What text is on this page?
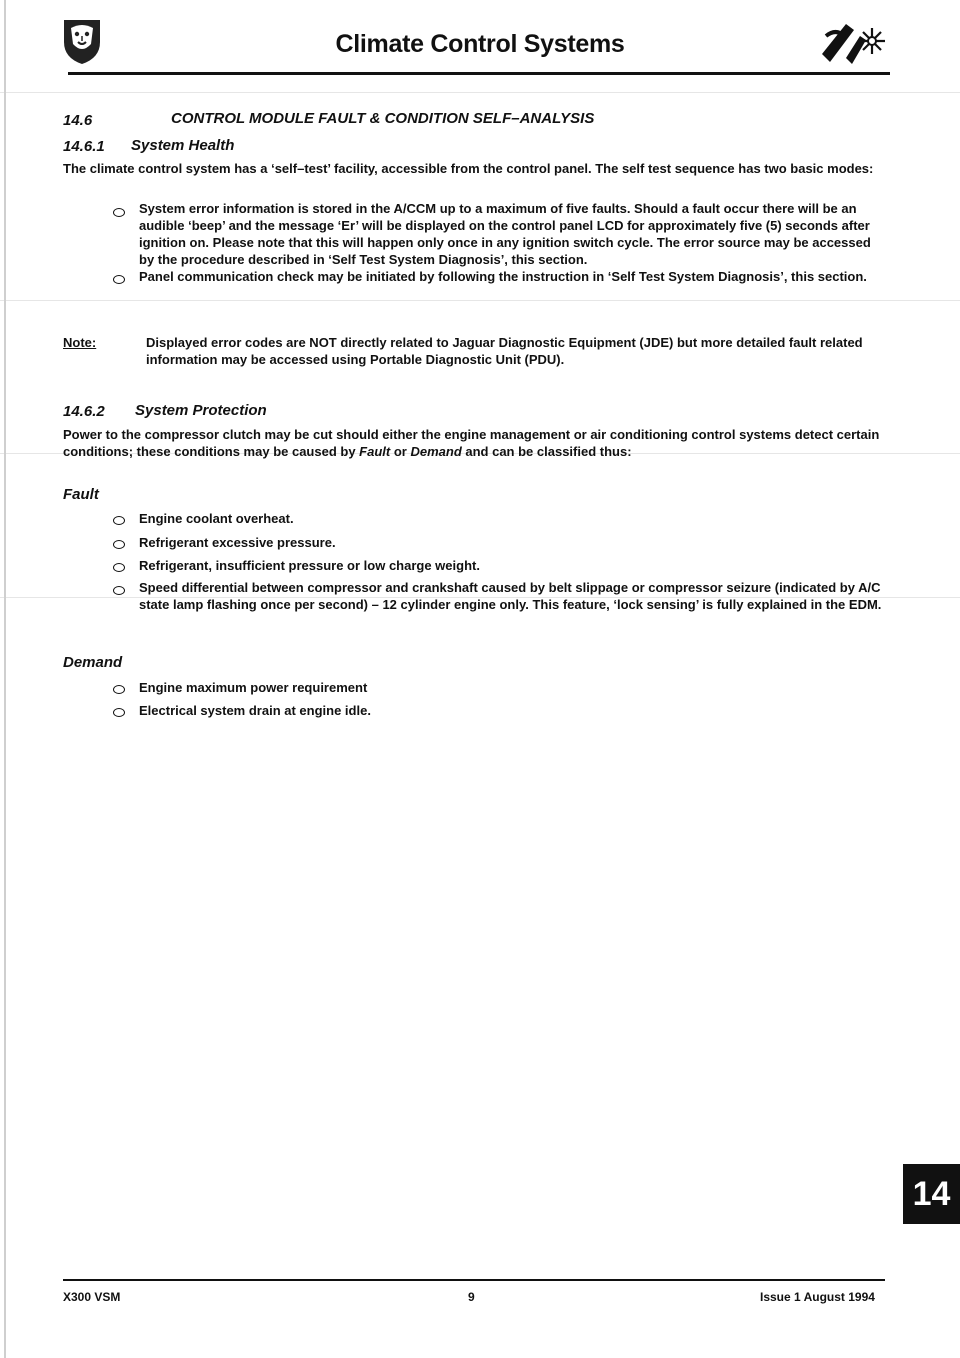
Climate Control Systems
14.6	CONTROL MODULE FAULT & CONDITION SELF–ANALYSIS
14.6.1 System Health
The climate control system has a ‘self–test’ facility, accessible from the control panel. The self test sequence has two basic modes:
System error information is stored in the A/CCM up to a maximum of five faults. Should a fault occur there will be an audible ‘beep’ and the message ‘Er’ will be displayed on the control panel LCD for approximately five (5) seconds after ignition on. Please note that this will happen only once in any ignition switch cycle. The error source may be accessed by the procedure described in ‘Self Test System Diagnosis’, this section.
Panel communication check may be initiated by following the instruction in ‘Self Test System Diagnosis’, this section.
Note:	Displayed error codes are NOT directly related to Jaguar Diagnostic Equipment (JDE) but more detailed fault related information may be accessed using Portable Diagnostic Unit (PDU).
14.6.2 System Protection
Power to the compressor clutch may be cut should either the engine management or air conditioning control systems detect certain conditions; these conditions may be caused by Fault or Demand and can be classified thus:
Fault
Engine coolant overheat.
Refrigerant excessive pressure.
Refrigerant, insufficient pressure or low charge weight.
Speed differential between compressor and crankshaft caused by belt slippage or compressor seizure (indicated by A/C state lamp flashing once per second) – 12 cylinder engine only. This feature, ‘lock sensing’ is fully explained in the EDM.
Demand
Engine maximum power requirement
Electrical system drain at engine idle.
14
X300 VSM	9	Issue 1 August 1994
